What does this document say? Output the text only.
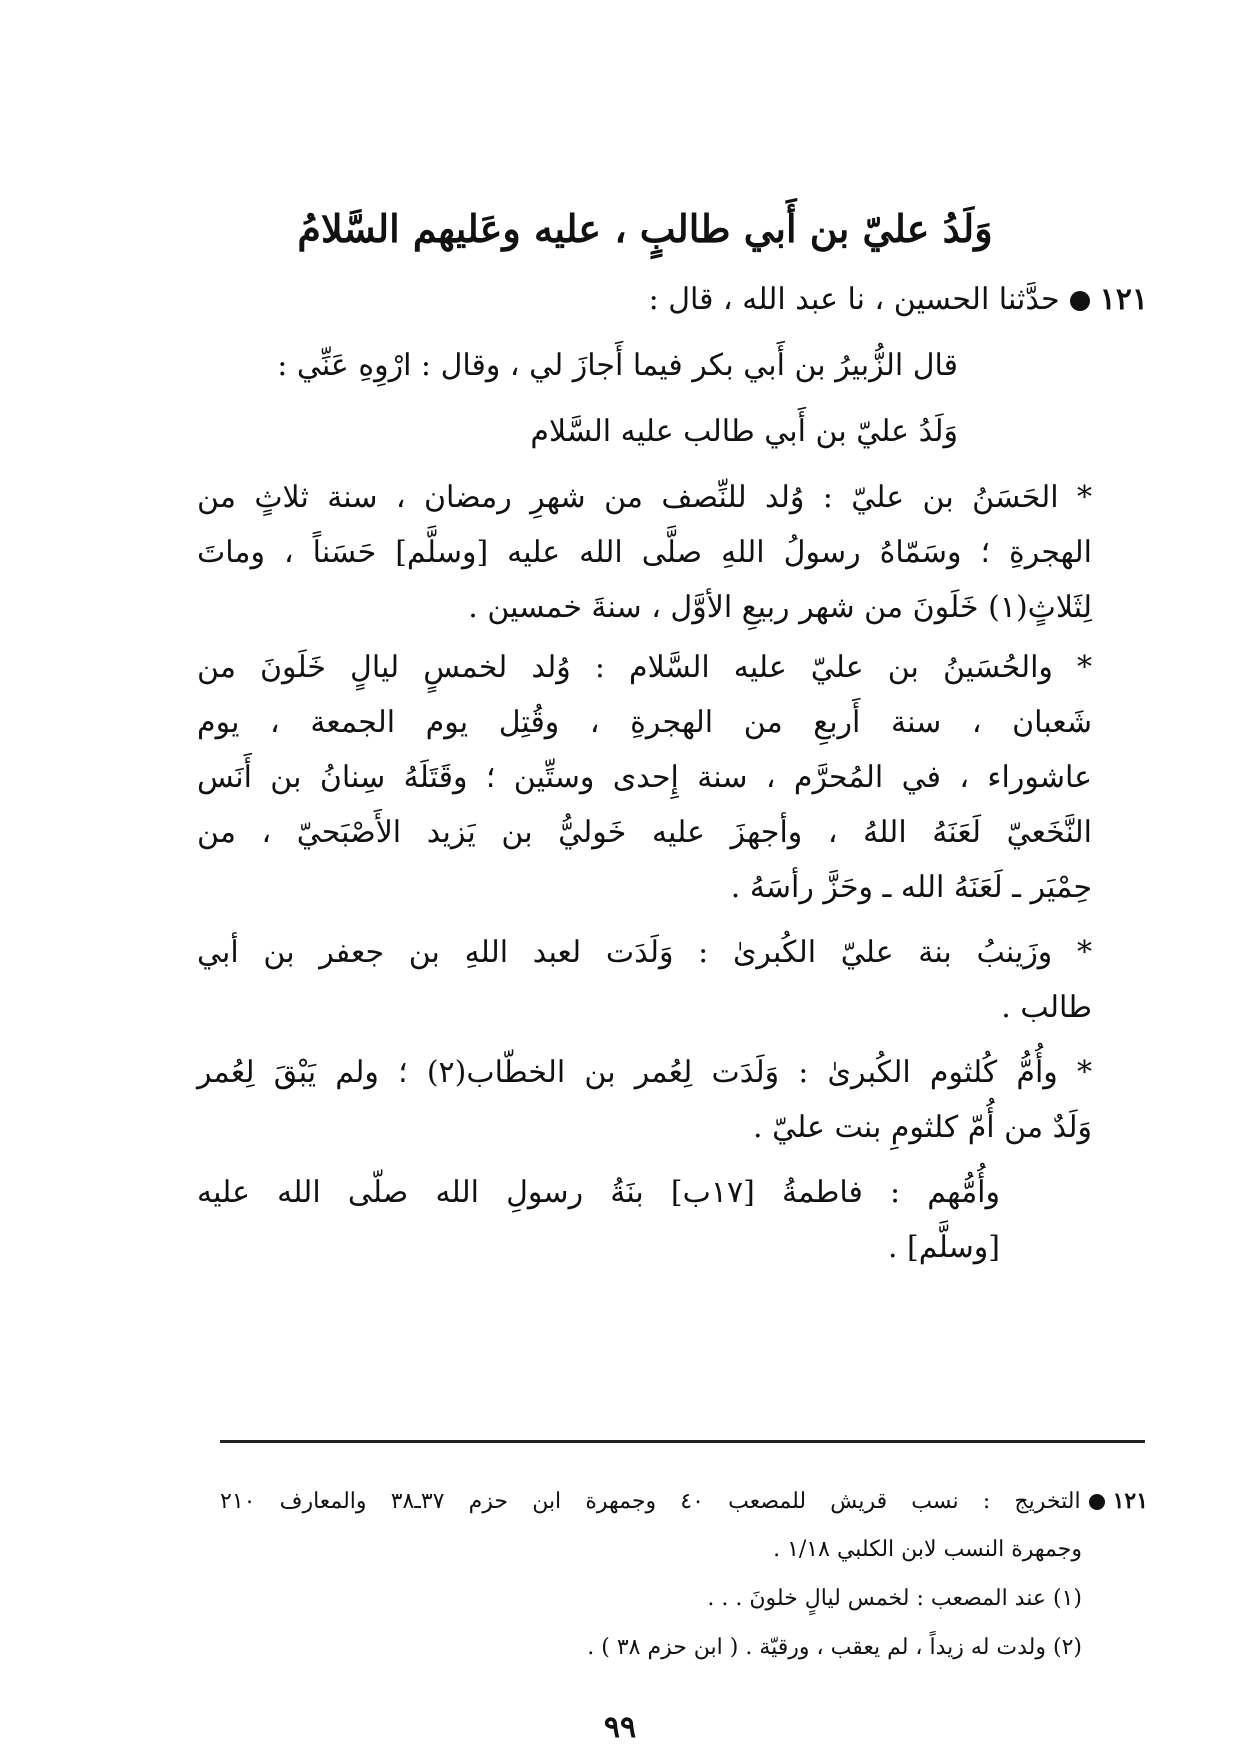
وَلَدُ عليّ بن أَبي طالبٍ ، عليه وعَليهم السَّلامُ
١٢١حدَّثنا الحسين ، نا عبد الله ، قال :
قال الزُّبيرُ بن أَبي بكر فيما أَجازَ لي ، وقال : ارْوِهِ عَنِّي :
وَلَدُ عليّ بن أَبي طالب عليه السَّلام
* الحَسَنُ بن عليّ : وُلد للنِّصف من شهرِ رمضان ، سنة ثلاثٍ من
الهجرةِ ؛ وسَمّاهُ رسولُ اللهِ صلَّى الله عليه [وسلَّم] حَسَناً ، وماتَ
لِثَلاثٍ(١) خَلَونَ من شهر ربيعِ الأوَّل ، سنةَ خمسين .
* والحُسَينُ بن عليّ عليه السَّلام : وُلد لخمسٍ ليالٍ خَلَونَ من
شَعبان ، سنة أَربعِ من الهجرةِ ، وقُتِل يوم الجمعة ، يوم
عاشوراء ، في المُحرَّم ، سنة إِحدى وستِّين ؛ وقَتَلَهُ سِنانُ بن أَنَس
النَّخَعيّ لَعَنَهُ اللهُ ، وأجهزَ عليه خَوليُّ بن يَزيد الأَصْبَحيّ ، من
حِمْيَر ـ لَعَنَهُ الله ـ وحَزَّ رأسَهُ .
* وزَينبُ بنة عليّ الكُبرىٰ : وَلَدَت لعبد اللهِ بن جعفر بن أبي
طالب .
* وأُمُّ كُلثوم الكُبرىٰ : وَلَدَت لِعُمر بن الخطّاب(٢) ؛ ولم يَبْقَ لِعُمر
وَلَدٌ من أُمّ كلثومِ بنت عليّ .
وأُمُّهم : فاطمةُ [١٧ب] بنَةُ رسولِ الله صلّى الله عليه
[وسلَّم] .
١٢١التخريج : نسب قريش للمصعب ٤٠ وجمهرة ابن حزم ٣٧ـ٣٨ والمعارف ٢١٠
وجمهرة النسب لابن الكلبي ١/١٨ .
(١) عند المصعب : لخمس ليالٍ خلونَ . . .
(٢) ولدت له زيداً ، لم يعقب ، ورقيّة . ( ابن حزم ٣٨ ) .
٩٩
